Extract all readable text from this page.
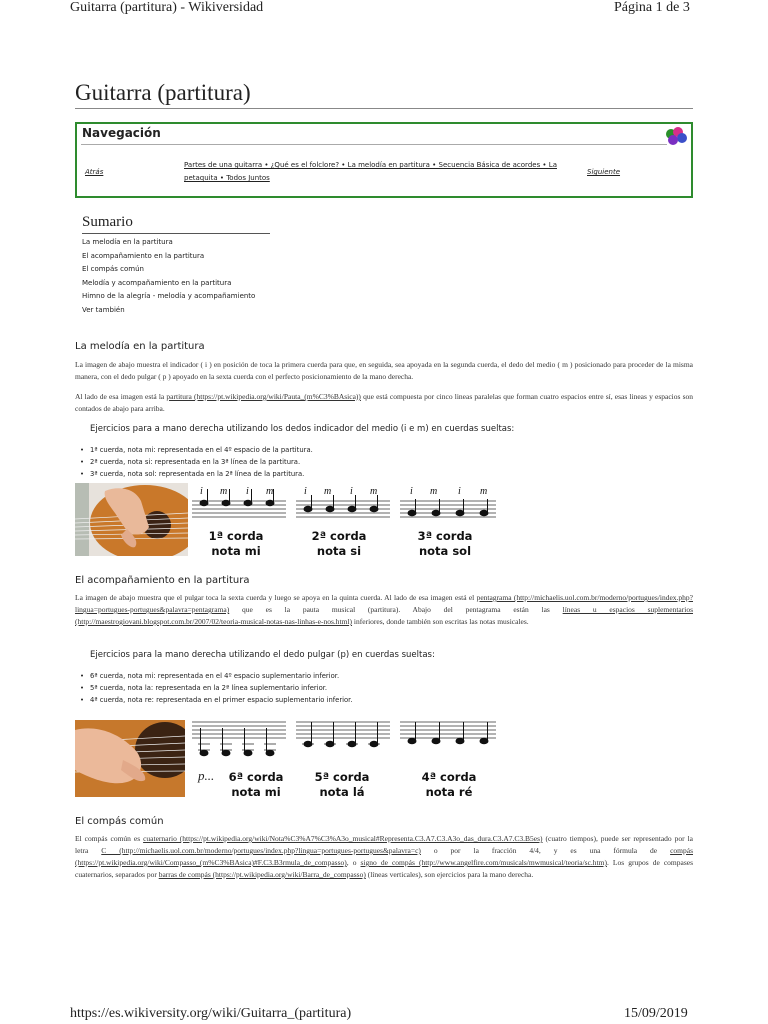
Guitarra (partitura) - Wikiversidad	Página 1 de 3
Guitarra (partitura)
Navegación
Atrás
Partes de una guitarra • ¿Qué es el folclore? • La melodía en partitura • Secuencia Básica de acordes • La
petaquita • Todos Juntos
Siguiente
Sumario
La melodía en la partitura
El acompañamiento en la partitura
El compás común
Melodía y acompañamiento en la partitura
Himno de la alegría - melodía y acompañamiento
Ver también
La melodía en la partitura
La imagen de abajo muestra el indicador ( i ) en posición de toca la primera cuerda para que, en seguida, sea apoyada en la segunda cuerda, el dedo del medio ( m ) posicionado para proceder de la misma manera, con el dedo pulgar ( p ) apoyado en la sexta cuerda con el perfecto posicionamiento de la mano derecha.
Al lado de esa imagen está la partitura (https://pt.wikipedia.org/wiki/Pauta_(m%C3%BAsica)) que está compuesta por cinco lineas paralelas que forman cuatro espacios entre sí, esas lineas y espacios son contados de abajo para arriba.
Ejercicios para a mano derecha utilizando los dedos indicador del medio (i e m) en cuerdas sueltas:
• 1ª cuerda, nota mi: representada en el 4º espacio de la partitura.
• 2ª cuerda, nota si: representada en la 3ª línea de la partitura.
• 3ª cuerda, nota sol: representada en la 2ª línea de la partitura.
i m i m	i m i m	i m i m
1ª corda
nota mi
2ª corda
nota si
3ª corda
nota sol
El acompañamiento en la partitura
La imagen de abajo muestra que el pulgar toca la sexta cuerda y luego se apoya en la quinta cuerda. Al lado de esa imagen está el pentagrama (http://michaelis.uol.com.br/moderno/portugues/index.php?lingua=portugues-portugues&palavra=pentagrama) que es la pauta musical (partitura). Abajo del pentagrama están las líneas u espacios suplementarios (http://maestrogiovani.blogspot.com.br/2007/02/teoria-musical-notas-nas-linhas-e-nos.html) inferiores, donde también son escritas las notas musicales.
Ejercicios para la mano derecha utilizando el dedo pulgar (p) en cuerdas sueltas:
• 6ª cuerda, nota mi: representada en el 4º espacio suplementario inferior.
• 5ª cuerda, nota la: representada en la 2ª línea suplementario inferior.
• 4ª cuerda, nota re: representada en el primer espacio suplementario inferior.
p...	6ª corda
nota mi
5ª corda
nota lá
4ª corda
nota ré
El compás común
El compás común es cuaternario (https://pt.wikipedia.org/wiki/Nota%C3%A7%C3%A3o_musical#Representa.C3.A7.C3.A3o_das_dura.C3.A7.C3.B5es) (cuatro tiempos), puede ser representado por la letra C (http://michaelis.uol.com.br/moderno/portugues/index.php?lingua=portugues-portugues&palavra=c) o por la fracción 4/4, y es una fórmula de compás (https://pt.wikipedia.org/wiki/Compasso_(m%C3%BAsica)#F.C3.B3rmula_de_compasso), o signo de compás (http://www.angelfire.com/musicals/mwmusical/teoria/sc.htm). Los grupos de compases cuaternarios, separados por barras de compás (https://pt.wikipedia.org/wiki/Barra_de_compasso) (líneas verticales), son ejercicios para la mano derecha.
https://es.wikiversity.org/wiki/Guitarra_(partitura)	15/09/2019
